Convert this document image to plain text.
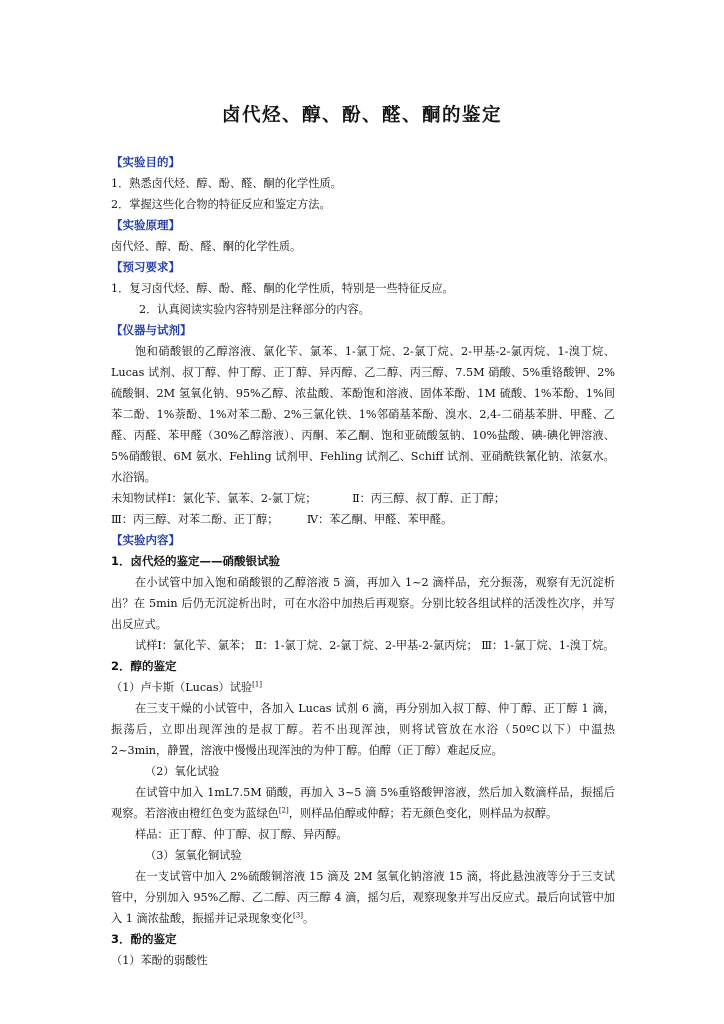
卤代烃、醇、酚、醛、酮的鉴定

【实验目的】

1．熟悉卤代烃、醇、酚、醛、酮的化学性质。

2．掌握这些化合物的特征反应和鉴定方法。

【实验原理】

卤代烃、醇、酚、醛、酮的化学性质。

【预习要求】

1．复习卤代烃、醇、酚、醛、酮的化学性质，特别是一些特征反应。

2．认真阅读实验内容特别是注释部分的内容。

【仪器与试剂】

饱和硝酸银的乙醇溶液、氯化苄、氯苯、1-氯丁烷、2-氯丁烷、2-甲基-2-氯丙烷、1-溴丁烷、Lucas 试剂、叔丁醇、仲丁醇、正丁醇、异丙醇、乙二醇、丙三醇、7.5M 硝酸、5%重铬酸钾、2%硫酸铜、2M 氢氧化钠、95%乙醇、浓盐酸、苯酚饱和溶液、固体苯酚、1M 硫酸、1%苯酚、1%间苯二酚、1%萘酚、1%对苯二酚、2%三氯化铁、1%邻硝基苯酚、溴水、2,4-二硝基苯肼、甲醛、乙醛、丙醛、苯甲醛（30%乙醇溶液）、丙酮、苯乙酮、饱和亚硫酸氢钠、10%盐酸、碘-碘化钾溶液、5%硝酸银、6M 氨水、Fehling 试剂甲、Fehling 试剂乙、Schiff 试剂、亚硝酰铁氰化钠、浓氨水。

水浴锅。

未知物试样Ⅰ：氯化苄、氯苯、2-氯丁烷；          Ⅱ：丙三醇、叔丁醇、正丁醇；

Ⅲ：丙三醇、对苯二酚、正丁醇；        Ⅳ：苯乙酮、甲醛、苯甲醛。

【实验内容】

1．卤代烃的鉴定——硝酸银试验

在小试管中加入饱和硝酸银的乙醇溶液 5 滴，再加入 1~2 滴样品，充分振荡，观察有无沉淀析出？在 5min 后仍无沉淀析出时，可在水浴中加热后再观察。分别比较各组试样的活泼性次序，并写出反应式。

试样Ⅰ：氯化苄、氯苯； Ⅱ：1-氯丁烷、2-氯丁烷、2-甲基-2-氯丙烷； Ⅲ：1-氯丁烷、1-溴丁烷。

2．醇的鉴定

（1）卢卡斯（Lucas）试验[1]

在三支干燥的小试管中，各加入 Lucas 试剂 6 滴，再分别加入叔丁醇、仲丁醇、正丁醇 1 滴，振荡后，立即出现浑浊的是叔丁醇。若不出现浑浊，则将试管放在水浴（50ºC以下）中温热 2~3min，静置，溶液中慢慢出现浑浊的为仲丁醇。伯醇（正丁醇）难起反应。

（2）氧化试验

在试管中加入 1mL7.5M 硝酸，再加入 3~5 滴 5%重铬酸钾溶液，然后加入数滴样品，振摇后观察。若溶液由橙红色变为蓝绿色[2]，则样品伯醇或仲醇；若无颜色变化，则样品为叔醇。

样品：正丁醇、仲丁醇、叔丁醇、异丙醇。

（3）氢氧化铜试验

在一支试管中加入 2%硫酸铜溶液 15 滴及 2M 氢氧化钠溶液 15 滴，将此悬浊液等分于三支试管中，分别加入 95%乙醇、乙二醇、丙三醇 4 滴，摇匀后，观察现象并写出反应式。最后向试管中加入 1 滴浓盐酸，振摇并记录现象变化[3]。

3．酚的鉴定

（1）苯酚的弱酸性
